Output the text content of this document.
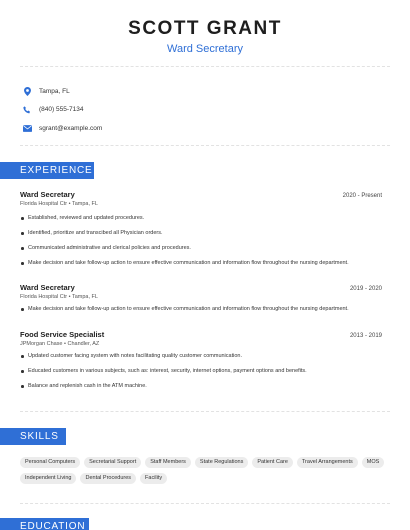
SCOTT GRANT
Ward Secretary
Tampa, FL
(840) 555-7134
sgrant@example.com
EXPERIENCE
Ward Secretary	2020 - Present
Florida Hospital Ctr • Tampa, FL
Established, reviewed and updated procedures.
Identified, prioritize and transcibed all Physician orders.
Communicated administrative and clerical policies and procedures.
Make decision and take follow-up action to ensure effective communication and information flow throughout the nursing department.
Ward Secretary	2019 - 2020
Florida Hospital Ctr • Tampa, FL
Make decision and take follow-up action to ensure effective communication and information flow throughout the nursing department.
Food Service Specialist	2013 - 2019
JPMorgan Chase • Chandler, AZ
Updated customer facing system with notes facilitating quality customer communication.
Educated customers in various subjects, such as: interest, security, internet options, payment options and benefits.
Balance and replenish cash in the ATM machine.
SKILLS
Personal Computers	Secretarial Support	Staff Members	State Regulations	Patient Care	Travel Arrangements	MOS
Independent Living	Dental Procedures	Facility
EDUCATION
